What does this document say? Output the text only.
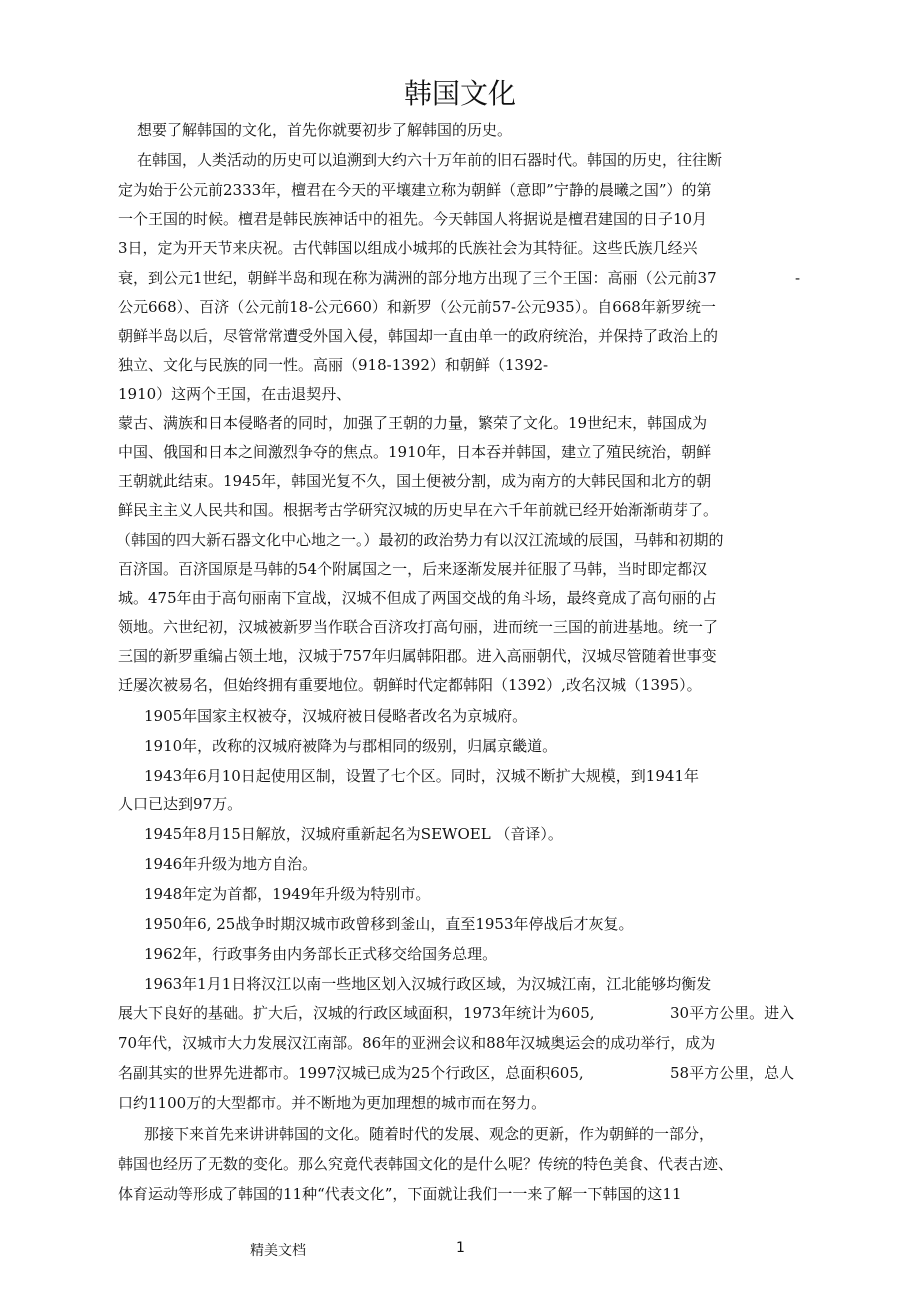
韩国文化
想要了解韩国的文化，首先你就要初步了解韩国的历史。
在韩国，人类活动的历史可以追溯到大约六十万年前的旧石器时代。韩国的历史，往往断
定为始于公元前2333年，檀君在今天的平壤建立称为朝鲜（意即”宁静的晨曦之国”）的第
一个王国的时候。檀君是韩民族神话中的祖先。今天韩国人将据说是檀君建国的日子10月
3日，定为开天节来庆祝。古代韩国以组成小城邦的氏族社会为其特征。这些氏族几经兴
衰，到公元1世纪，朝鲜半岛和现在称为满洲的部分地方出现了三个王国：高丽（公元前37	-
公元668）、百济（公元前18-公元660）和新罗（公元前57-公元935）。自668年新罗统一
朝鲜半岛以后，尽管常常遭受外国入侵，韩国却一直由单一的政府统治，并保持了政治上的
独立、文化与民族的同一性。高丽（918-1392）和朝鲜（1392-
1910）这两个王国，在击退契丹、
蒙古、满族和日本侵略者的同时，加强了王朝的力量，繁荣了文化。19世纪末，韩国成为
中国、俄国和日本之间激烈争夺的焦点。1910年，日本吞并韩国，建立了殖民统治，朝鲜
王朝就此结束。1945年，韩国光复不久，国土便被分割，成为南方的大韩民国和北方的朝
鲜民主主义人民共和国。根据考古学研究汉城的历史早在六千年前就已经开始渐渐萌芽了。
（韩国的四大新石器文化中心地之一。）最初的政治势力有以汉江流域的辰国，马韩和初期的
百济国。百济国原是马韩的54个附属国之一，后来逐渐发展并征服了马韩，当时即定都汉
城。475年由于高句丽南下宣战，汉城不但成了两国交战的角斗场，最终竟成了高句丽的占
领地。六世纪初，汉城被新罗当作联合百济攻打高句丽，进而统一三国的前进基地。统一了
三国的新罗重编占领土地，汉城于757年归属韩阳郡。进入高丽朝代，汉城尽管随着世事变
迁屡次被易名，但始终拥有重要地位。朝鲜时代定都韩阳（1392）,改名汉城（1395）。
1905年国家主权被夺，汉城府被日侵略者改名为京城府。
1910年，改称的汉城府被降为与郡相同的级别，归属京畿道。
1943年6月10日起使用区制，设置了七个区。同时，汉城不断扩大规模，到1941年
人口已达到97万。
1945年8月15日解放，汉城府重新起名为SEWOEL （音译）。
1946年升级为地方自治。
1948年定为首都，1949年升级为特别市。
1950年6, 25战争时期汉城市政曾移到釜山，直至1953年停战后才灰复。
1962年，行政事务由内务部长正式移交给国务总理。
1963年1月1日将汉江以南一些地区划入汉城行政区域，为汉城江南，江北能够均衡发
展大下良好的基础。扩大后，汉城的行政区域面积，1973年统计为605,	30平方公里。进入
70年代，汉城市大力发展汉江南部。86年的亚洲会议和88年汉城奥运会的成功举行，成为
名副其实的世界先进都市。1997汉城已成为25个行政区，总面积605,	58平方公里，总人
口约1100万的大型都市。并不断地为更加理想的城市而在努力。
那接下来首先来讲讲韩国的文化。随着时代的发展、观念的更新，作为朝鲜的一部分，
韩国也经历了无数的变化。那么究竟代表韩国文化的是什么呢？传统的特色美食、代表古迹、
体育运动等形成了韩国的11种“代表文化”，下面就让我们一一来了解一下韩国的这11
精美文档	1
